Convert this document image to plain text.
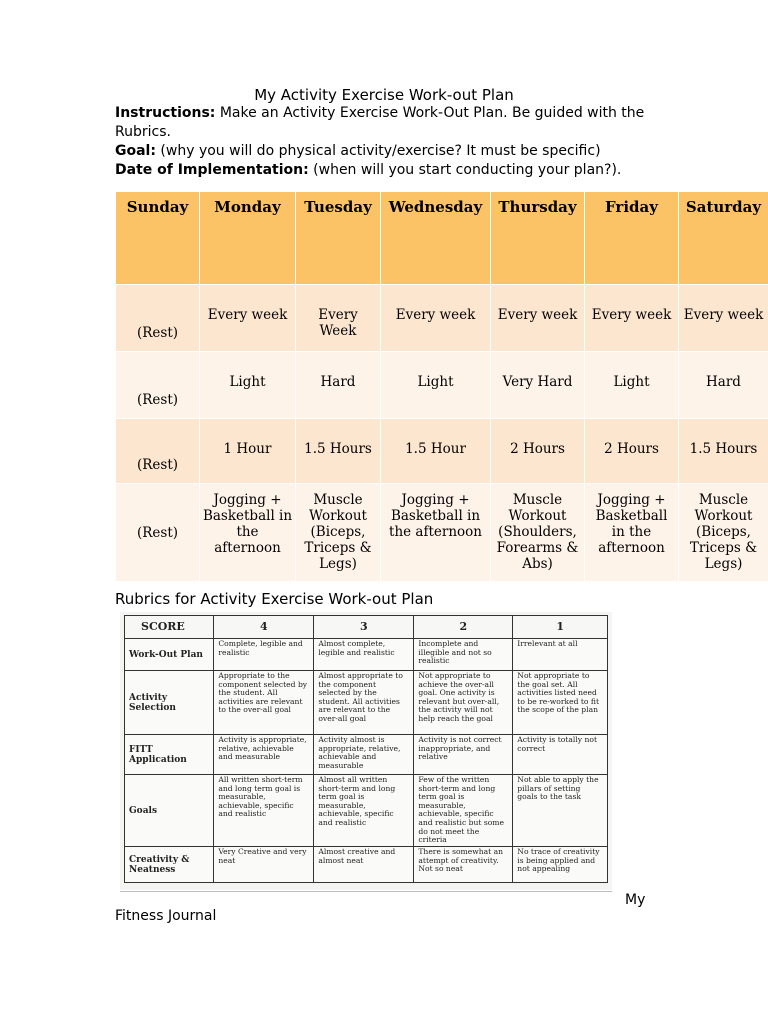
My Activity Exercise Work-out Plan

Instructions: Make an Activity Exercise Work-Out Plan. Be guided with the Rubrics.

Goal: (why you will do physical activity/exercise? It must be specific)

Date of Implementation: (when will you start conducting your plan?).

Sunday	Monday	Tuesday	Wednesday	Thursday	Friday	Saturday
(Rest)	Every week	Every Week	Every week	Every week	Every week	Every week
(Rest)	Light	Hard	Light	Very Hard	Light	Hard
(Rest)	1 Hour	1.5 Hours	1.5 Hour	2 Hours	2 Hours	1.5 Hours
(Rest)	Jogging + Basketball in the afternoon	Muscle Workout (Biceps, Triceps & Legs)	Jogging + Basketball in the afternoon	Muscle Workout (Shoulders, Forearms & Abs)	Jogging + Basketball in the afternoon	Muscle Workout (Biceps, Triceps & Legs)
Rubrics for Activity Exercise Work-out Plan
SCORE	4	3	2	1
Work-Out Plan	Complete, legible and realistic	Almost complete, legible and realistic	Incomplete and illegible and not so realistic	Irrelevant at all
Activity Selection	Appropriate to the component selected by the student. All activities are relevant to the over-all goal	Almost appropriate to the component selected by the student. All activities are relevant to the over-all goal	Not appropriate to achieve the over-all goal. One activity is relevant but over-all, the activity will not help reach the goal	Not appropriate to the goal set. All activities listed need to be re-worked to fit the scope of the plan
FITT Application	Activity is appropriate, relative, achievable and measurable	Activity almost is appropriate, relative, achievable and measurable	Activity is not correct inappropriate, and relative	Activity is totally not correct
Goals	All written short-term and long term goal is measurable, achievable, specific and realistic	Almost all written short-term and long term goal is measurable, achievable, specific and realistic	Few of the written short-term and long term goal is measurable, achievable, specific and realistic but some do not meet the criteria	Not able to apply the pillars of setting goals to the task
Creativity & Neatness	Very Creative and very neat	Almost creative and almost neat	There is somewhat an attempt of creativity. Not so neat	No trace of creativity is being applied and not appealing
My
Fitness Journal
